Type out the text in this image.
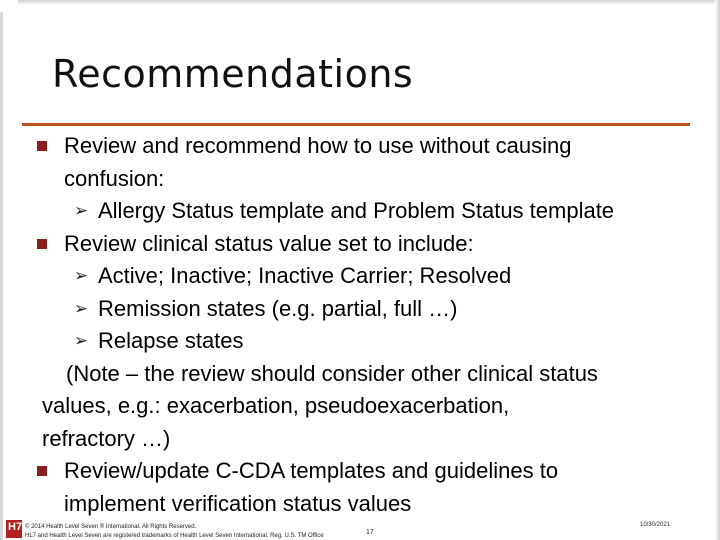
Recommendations
Review and recommend how to use without causing
confusion:
➢ Allergy Status template and Problem Status template
Review clinical status value set to include:
➢ Active; Inactive; Inactive Carrier; Resolved
➢ Remission states (e.g. partial, full …)
➢ Relapse states
(Note – the review should consider other clinical status
values, e.g.: exacerbation, pseudoexacerbation,
refractory …)
Review/update C-CDA templates and guidelines to
implement verification status values
H7 © 2014 Health Level Seven ® International. All Rights Reserved.
HL7 and Health Level Seven are registered trademarks of Health Level Seven International. Reg. U.S. TM Office	17
10/30/2021
